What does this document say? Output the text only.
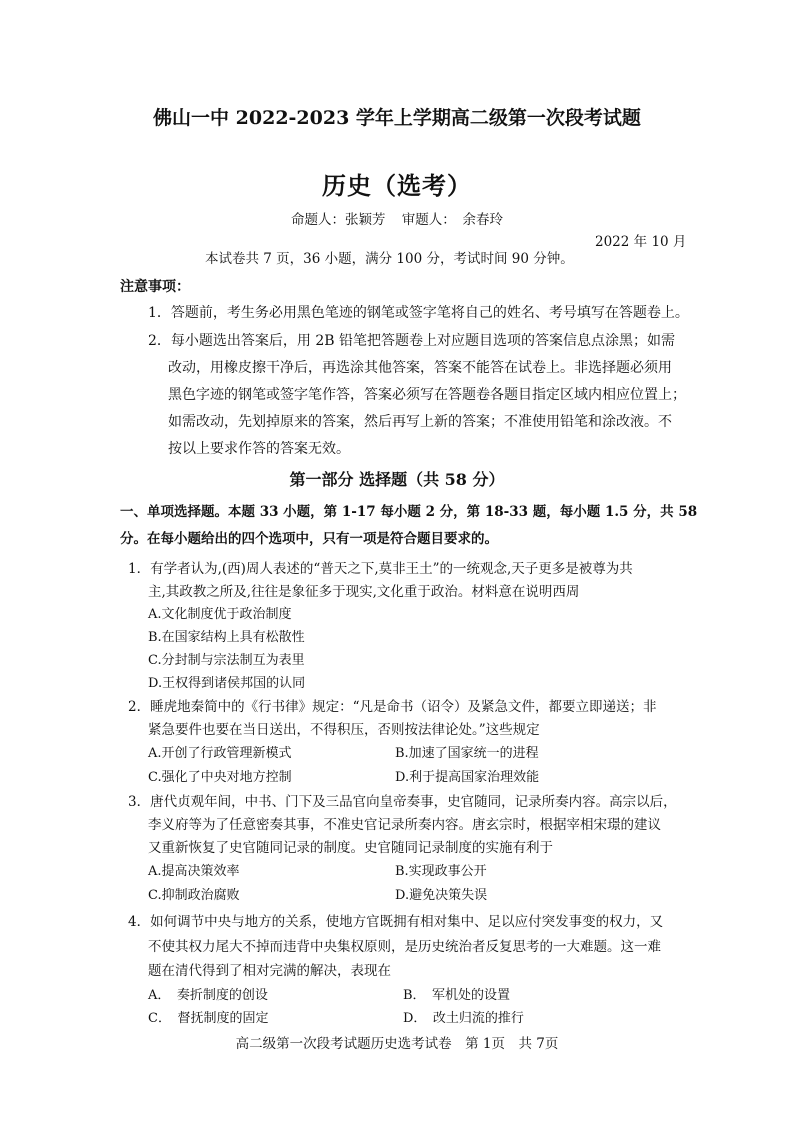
佛山一中 2022-2023 学年上学期高二级第一次段考试题
历史（选考）
命题人：张颖芳 审题人：　余春玲
2022 年 10 月
本试卷共 7 页，36 小题，满分 100 分，考试时间 90 分钟。
注意事项：
1．答题前，考生务必用黑色笔迹的钢笔或签字笔将自己的姓名、考号填写在答题卷上。
2．每小题选出答案后，用 2B 铅笔把答题卷上对应题目选项的答案信息点涂黑；如需
改动，用橡皮擦干净后，再选涂其他答案，答案不能答在试卷上。非选择题必须用
黑色字迹的钢笔或签字笔作答，答案必须写在答题卷各题目指定区域内相应位置上；
如需改动，先划掉原来的答案，然后再写上新的答案；不准使用铅笔和涂改液。不
按以上要求作答的答案无效。
第一部分 选择题（共 58 分）
一、单项选择题。本题 33 小题，第 1-17 每小题 2 分，第 18-33 题，每小题 1.5 分，共 58
分。在每小题给出的四个选项中，只有一项是符合题目要求的。
1．有学者认为,(西)周人表述的“普天之下,莫非王土”的一统观念,天子更多是被尊为共
主,其政教之所及,往往是象征多于现实,文化重于政治。材料意在说明西周
A.文化制度优于政治制度
B.在国家结构上具有松散性
C.分封制与宗法制互为表里
D.王权得到诸侯邦国的认同
2．睡虎地秦简中的《行书律》规定：“凡是命书（诏令）及紧急文件，都要立即递送；非
紧急要件也要在当日送出，不得积压，否则按法律论处。”这些规定
A.开创了行政管理新模式	B.加速了国家统一的进程
C.强化了中央对地方控制	D.利于提高国家治理效能
3．唐代贞观年间，中书、门下及三品官向皇帝奏事，史官随同，记录所奏内容。高宗以后，
李义府等为了任意密奏其事，不准史官记录所奏内容。唐玄宗时，根据宰相宋璟的建议
又重新恢复了史官随同记录的制度。史官随同记录制度的实施有利于
A.提高决策效率	B.实现政事公开
C.抑制政治腐败	D.避免决策失误
4．如何调节中央与地方的关系，使地方官既拥有相对集中、足以应付突发事变的权力，又
不使其权力尾大不掉而违背中央集权原则，是历史统治者反复思考的一大难题。这一难
题在清代得到了相对完满的解决，表现在
A．　奏折制度的创设	B．　军机处的设置
C．　督抚制度的固定	D．　改土归流的推行
高二级第一次段考试题历史选考试卷　第 1页　共 7页
